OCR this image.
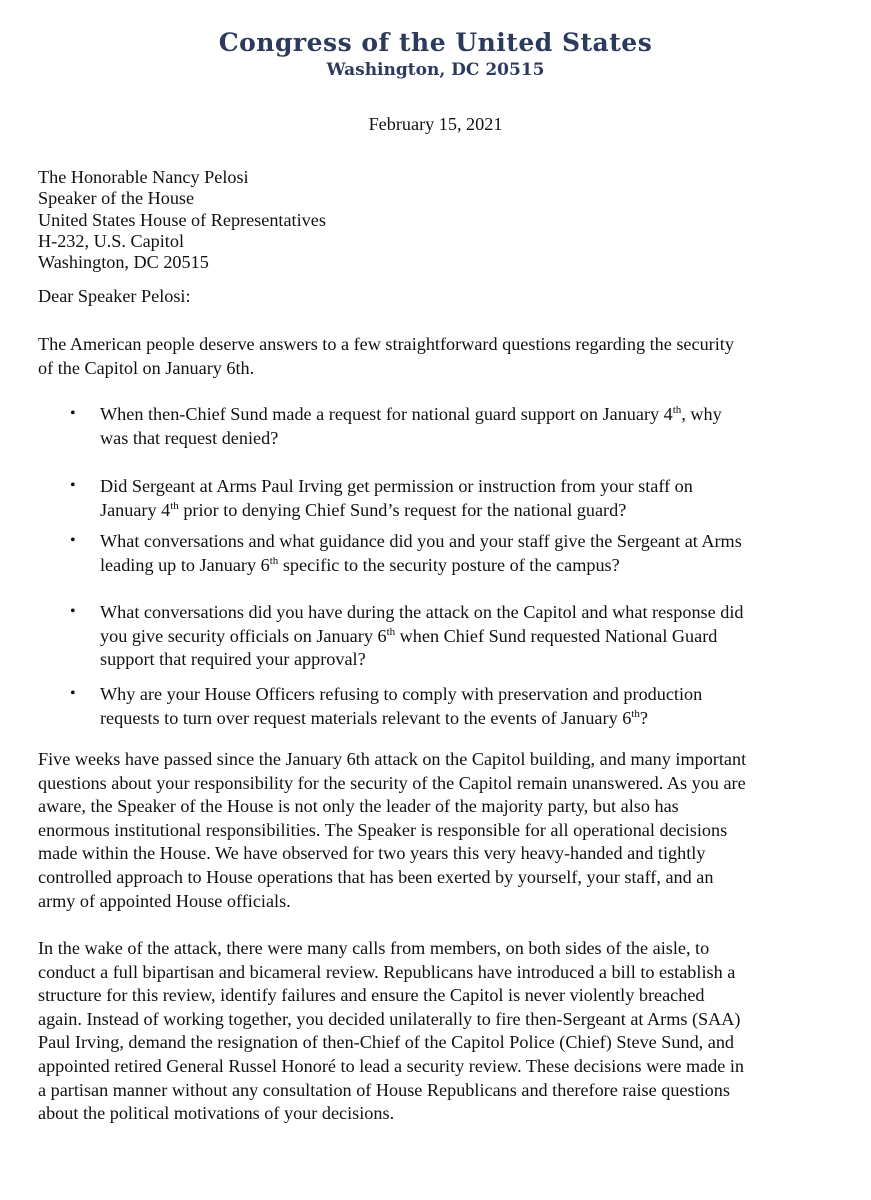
Congress of the United States
Washington, DC 20515
February 15, 2021
The Honorable Nancy Pelosi
Speaker of the House
United States House of Representatives
H-232, U.S. Capitol
Washington, DC 20515
Dear Speaker Pelosi:
The American people deserve answers to a few straightforward questions regarding the security
of the Capitol on January 6th.
• When then-Chief Sund made a request for national guard support on January 4th, why
was that request denied?
• Did Sergeant at Arms Paul Irving get permission or instruction from your staff on
January 4th prior to denying Chief Sund’s request for the national guard?
• What conversations and what guidance did you and your staff give the Sergeant at Arms
leading up to January 6th specific to the security posture of the campus?
• What conversations did you have during the attack on the Capitol and what response did
you give security officials on January 6th when Chief Sund requested National Guard
support that required your approval?
• Why are your House Officers refusing to comply with preservation and production
requests to turn over request materials relevant to the events of January 6th?
Five weeks have passed since the January 6th attack on the Capitol building, and many important
questions about your responsibility for the security of the Capitol remain unanswered. As you are
aware, the Speaker of the House is not only the leader of the majority party, but also has
enormous institutional responsibilities. The Speaker is responsible for all operational decisions
made within the House. We have observed for two years this very heavy-handed and tightly
controlled approach to House operations that has been exerted by yourself, your staff, and an
army of appointed House officials.
In the wake of the attack, there were many calls from members, on both sides of the aisle, to
conduct a full bipartisan and bicameral review. Republicans have introduced a bill to establish a
structure for this review, identify failures and ensure the Capitol is never violently breached
again. Instead of working together, you decided unilaterally to fire then-Sergeant at Arms (SAA)
Paul Irving, demand the resignation of then-Chief of the Capitol Police (Chief) Steve Sund, and
appointed retired General Russel Honoré to lead a security review. These decisions were made in
a partisan manner without any consultation of House Republicans and therefore raise questions
about the political motivations of your decisions.
